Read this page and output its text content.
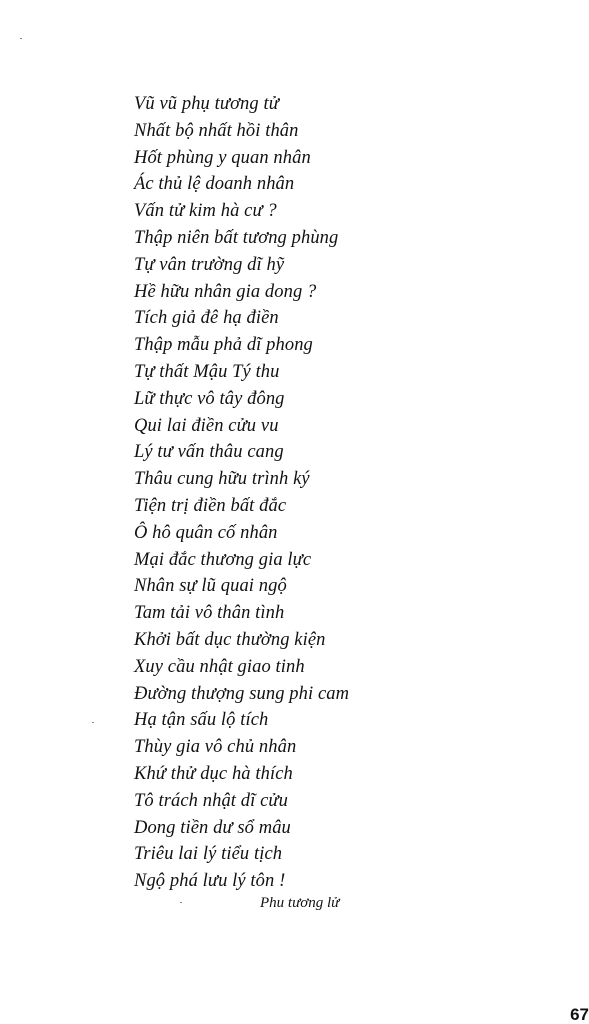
Vũ vũ phụ tương tử
Nhất bộ nhất hồi thân
Hốt phùng y quan nhân
Ác thủ lệ doanh nhân
Vấn tử kim hà cư ?
Thập niên bất tương phùng
Tự vân trường dĩ hỹ
Hề hữu nhân gia dong ?
Tích giả đê hạ điền
Thập mẫu phả dĩ phong
Tự thất Mậu Tý thu
Lữ thực vô tây đông
Qui lai điền cửu vu
Lý tư vấn thâu cang
Thâu cung hữu trình ký
Tiện trị điền bất đắc
Ô hô quân cố nhân
Mại đắc thương gia lực
Nhân sự lũ quai ngộ
Tam tải vô thân tình
Khởi bất dục thường kiện
Xuy cầu nhật giao tinh
Đường thượng sung phi cam
Hạ tận sấu lộ tích
Thùy gia vô chủ nhân
Khứ thử dục hà thích
Tô trách nhật dĩ cửu
Dong tiền dư sổ mâu
Triêu lai lý tiểu tịch
Ngộ phá lưu lý tôn !
Phu tương lử
67
